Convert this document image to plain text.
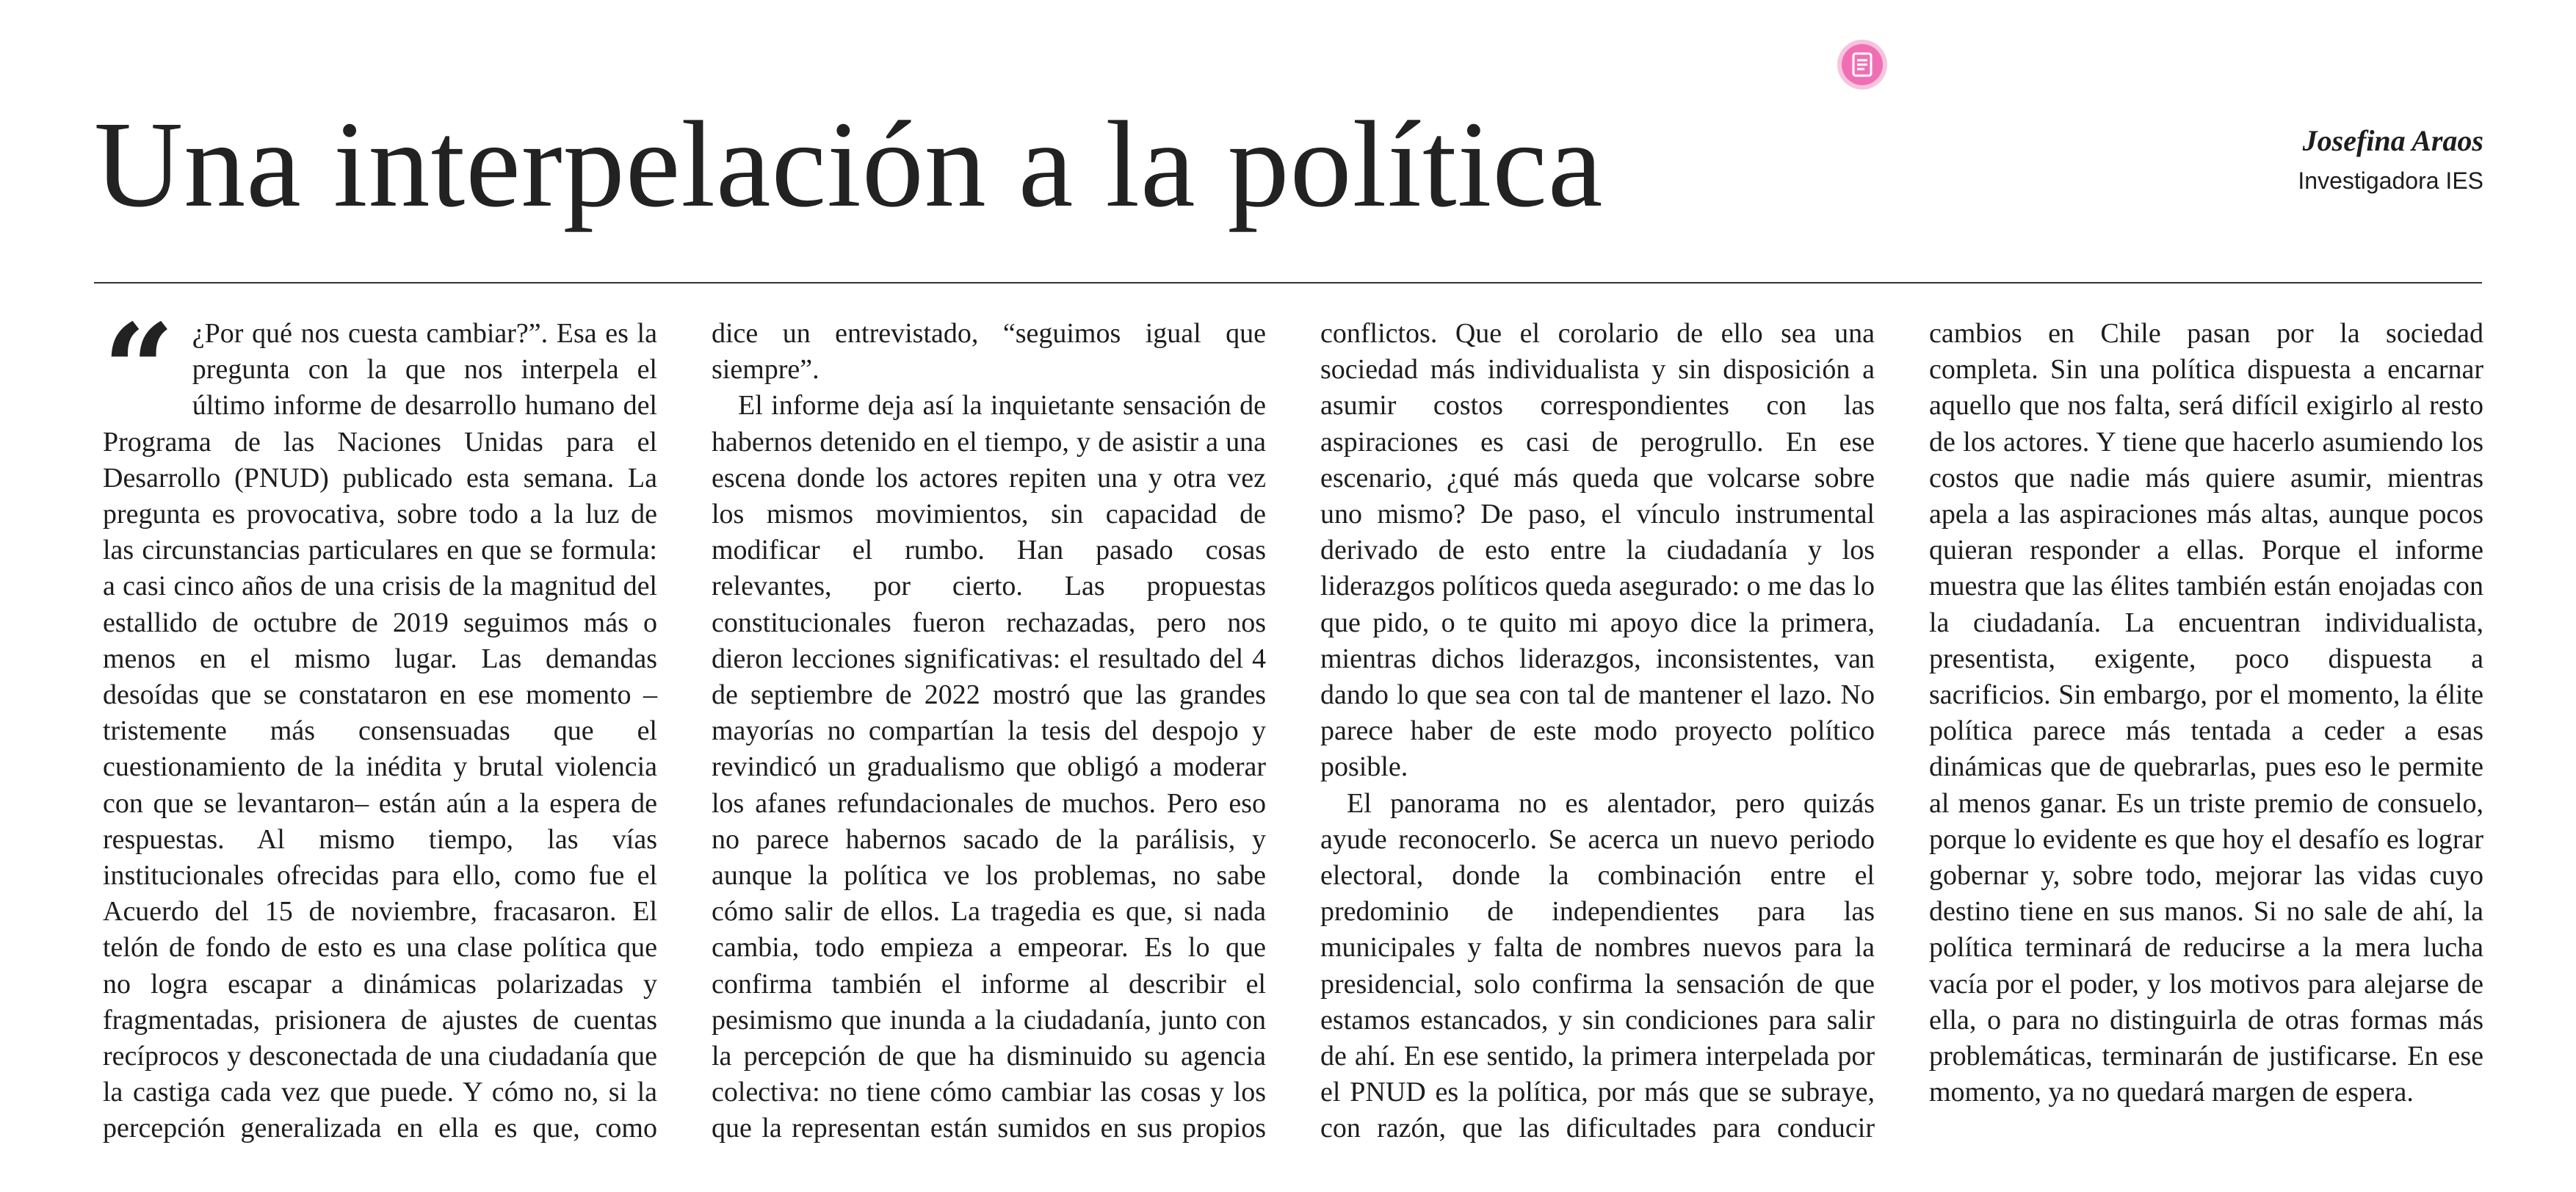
Una interpelación a la política	Josefina Araos
Investigadora IES
“ ¿Por qué nos cuesta cambiar?”. Esa es la pregunta con la que nos interpela el último informe de desarrollo humano del Programa de las Naciones Unidas para el Desarrollo (PNUD) publicado esta semana. La pregunta es provocativa, sobre todo a la luz de las circunstancias particulares en que se formula: a casi cinco años de una crisis de la magnitud del estallido de octubre de 2019 seguimos más o menos en el mismo lugar. Las demandas desoídas que se constataron en ese momento –tristemente más consensuadas que el cuestionamiento de la inédita y brutal violencia con que se levantaron– están aún a la espera de respuestas. Al mismo tiempo, las vías institucionales ofrecidas para ello, como fue el Acuerdo del 15 de noviembre, fracasaron. El telón de fondo de esto es una clase política que no logra escapar a dinámicas polarizadas y fragmentadas, prisionera de ajustes de cuentas recíprocos y desconectada de una ciudadanía que la castiga cada vez que puede. Y cómo no, si la percepción generalizada en ella es que, como dice un entrevistado, “seguimos igual que siempre”.

El informe deja así la inquietante sensación de habernos detenido en el tiempo, y de asistir a una escena donde los actores repiten una y otra vez los mismos movimientos, sin capacidad de modificar el rumbo. Han pasado cosas relevantes, por cierto. Las propuestas constitucionales fueron rechazadas, pero nos dieron lecciones significativas: el resultado del 4 de septiembre de 2022 mostró que las grandes mayorías no compartían la tesis del despojo y revindicó un gradualismo que obligó a moderar los afanes refundacionales de muchos. Pero eso no parece habernos sacado de la parálisis, y aunque la política ve los problemas, no sabe cómo salir de ellos. La tragedia es que, si nada cambia, todo empieza a empeorar. Es lo que confirma también el informe al describir el pesimismo que inunda a la ciudadanía, junto con la percepción de que ha disminuido su agencia colectiva: no tiene cómo cambiar las cosas y los que la representan están sumidos en sus propios conflictos. Que el corolario de ello sea una sociedad más individualista y sin disposición a asumir costos correspondientes con las aspiraciones es casi de perogrullo. En ese escenario, ¿qué más queda que volcarse sobre uno mismo? De paso, el vínculo instrumental derivado de esto entre la ciudadanía y los liderazgos políticos queda asegurado: o me das lo que pido, o te quito mi apoyo dice la primera, mientras dichos liderazgos, inconsistentes, van dando lo que sea con tal de mantener el lazo. No parece haber de este modo proyecto político posible.

El panorama no es alentador, pero quizás ayude reconocerlo. Se acerca un nuevo periodo electoral, donde la combinación entre el predominio de independientes para las municipales y falta de nombres nuevos para la presidencial, solo confirma la sensación de que estamos estancados, y sin condiciones para salir de ahí. En ese sentido, la primera interpelada por el PNUD es la política, por más que se subraye, con razón, que las dificultades para conducir cambios en Chile pasan por la sociedad completa. Sin una política dispuesta a encarnar aquello que nos falta, será difícil exigirlo al resto de los actores. Y tiene que hacerlo asumiendo los costos que nadie más quiere asumir, mientras apela a las aspiraciones más altas, aunque pocos quieran responder a ellas. Porque el informe muestra que las élites también están enojadas con la ciudadanía. La encuentran individualista, presentista, exigente, poco dispuesta a sacrificios. Sin embargo, por el momento, la élite política parece más tentada a ceder a esas dinámicas que de quebrarlas, pues eso le permite al menos ganar. Es un triste premio de consuelo, porque lo evidente es que hoy el desafío es lograr gobernar y, sobre todo, mejorar las vidas cuyo destino tiene en sus manos. Si no sale de ahí, la política terminará de reducirse a la mera lucha vacía por el poder, y los motivos para alejarse de ella, o para no distinguirla de otras formas más problemáticas, terminarán de justificarse. En ese momento, ya no quedará margen de espera.
